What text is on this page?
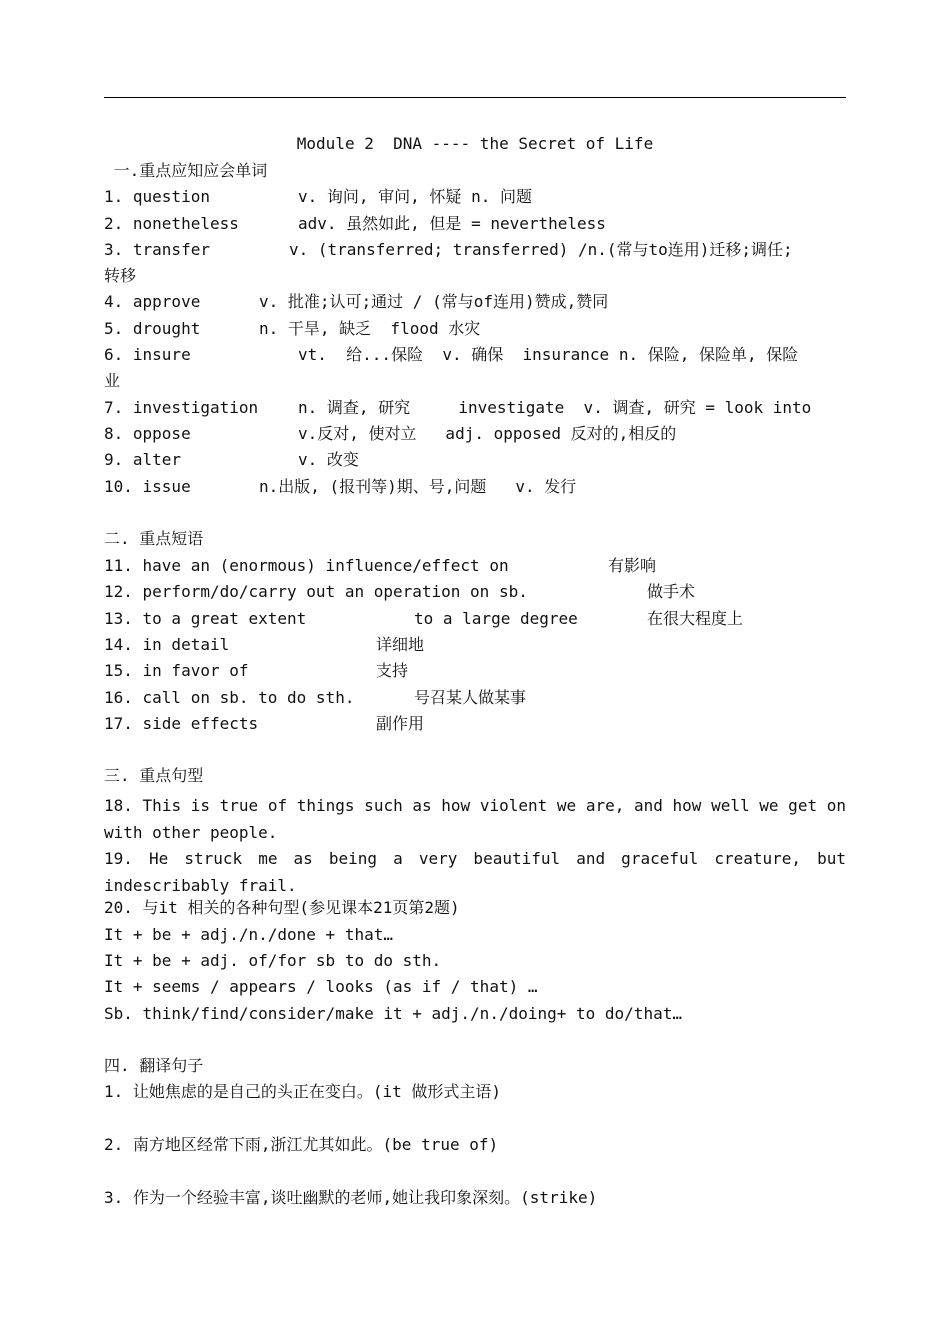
Module 2  DNA ---- the Secret of Life
一.重点应知应会单词
1. question	v. 询问, 审问, 怀疑 n. 问题
2. nonetheless	adv. 虽然如此, 但是 = nevertheless
3. transfer	v. (transferred; transferred) /n.(常与to连用)迁移;调任;
转移
4. approve	v. 批准;认可;通过 / (常与of连用)赞成,赞同
5. drought	n. 干旱, 缺乏  flood 水灾
6. insure	vt.  给...保险  v. 确保  insurance n. 保险, 保险单, 保险
业
7. investigation n. 调查, 研究     investigate  v. 调查, 研究 = look into
8. oppose	v.反对, 使对立   adj. opposed 反对的,相反的
9. alter	v. 改变
10. issue	n.出版, (报刊等)期、号,问题   v. 发行
二. 重点短语
11. have an (enormous) influence/effect on	有影响
12. perform/do/carry out an operation on sb.	做手术
13. to a great extent	to a large degree	在很大程度上
14. in detail	详细地
15. in favor of	支持
16. call on sb. to do sth.	号召某人做某事
17. side effects	副作用
三. 重点句型
18. This is true of things such as how violent we are, and how well we get on with other people.
19. He struck me as being a very beautiful and graceful creature, but indescribably frail.
20. 与it 相关的各种句型(参见课本21页第2题)
It + be + adj./n./done + that…
It + be + adj. of/for sb to do sth.
It + seems / appears / looks (as if / that) …
Sb. think/find/consider/make it + adj./n./doing+ to do/that…
四. 翻译句子
1. 让她焦虑的是自己的头正在变白。(it 做形式主语)
2. 南方地区经常下雨,浙江尤其如此。(be true of)
3. 作为一个经验丰富,谈吐幽默的老师,她让我印象深刻。(strike)
